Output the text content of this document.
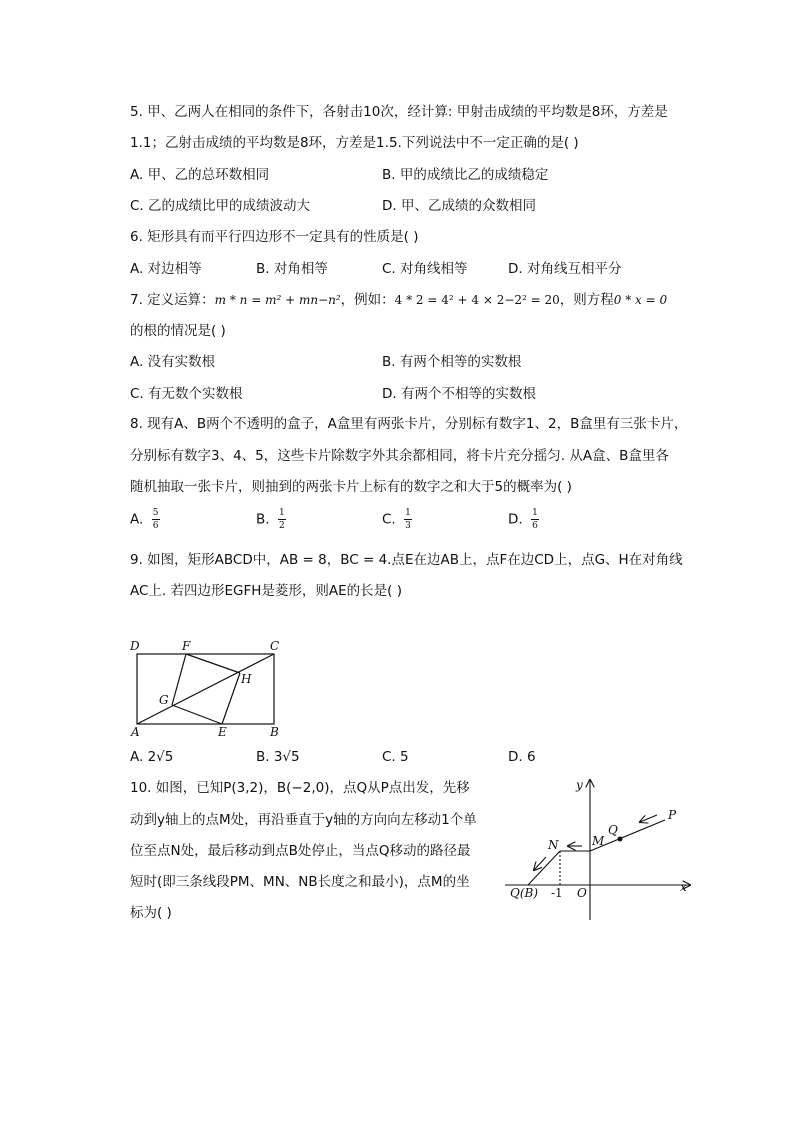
5. 甲、乙两人在相同的条件下，各射击10次，经计算: 甲射击成绩的平均数是8环，方差是
1.1；乙射击成绩的平均数是8环，方差是1.5.下列说法中不一定正确的是( )
A. 甲、乙的总环数相同	B. 甲的成绩比乙的成绩稳定
C. 乙的成绩比甲的成绩波动大	D. 甲、乙成绩的众数相同
6. 矩形具有而平行四边形不一定具有的性质是( )
A. 对边相等	B. 对角相等	C. 对角线相等	D. 对角线互相平分
7. 定义运算：m * n = m² + mn−n²，例如：4 * 2 = 4² + 4 × 2−2² = 20，则方程0 * x = 0
的根的情况是( )
A. 没有实数根	B. 有两个相等的实数根
C. 有无数个实数根	D. 有两个不相等的实数根
8. 现有A、B两个不透明的盒子，A盒里有两张卡片，分别标有数字1、2，B盒里有三张卡片，
分别标有数字3、4、5，这些卡片除数字外其余都相同，将卡片充分摇匀. 从A盒、B盒里各
随机抽取一张卡片，则抽到的两张卡片上标有的数字之和大于5的概率为( )
A. $\frac{5}{6}$	B. $\frac{1}{2}$	C. $\frac{1}{3}$	D. $\frac{1}{6}$
9. 如图，矩形ABCD中，AB = 8，BC = 4.点E在边AB上，点F在边CD上，点G、H在对角线
AC上. 若四边形EGFH是菱形，则AE的长是( )
D	F	C
G
H
A	E	B
A. 2√5	B. 3√5	C. 5	D. 6
10. 如图，已知P(3,2)，B(−2,0)，点Q从P点出发，先移
动到y轴上的点M处，再沿垂直于y轴的方向向左移动1个单
位至点N处，最后移动到点B处停止，当点Q移动的路径最
短时(即三条线段PM、MN、NB长度之和最小)，点M的坐
标为( )
y
x
P
Q
M
N
Q(B)	O
-1
